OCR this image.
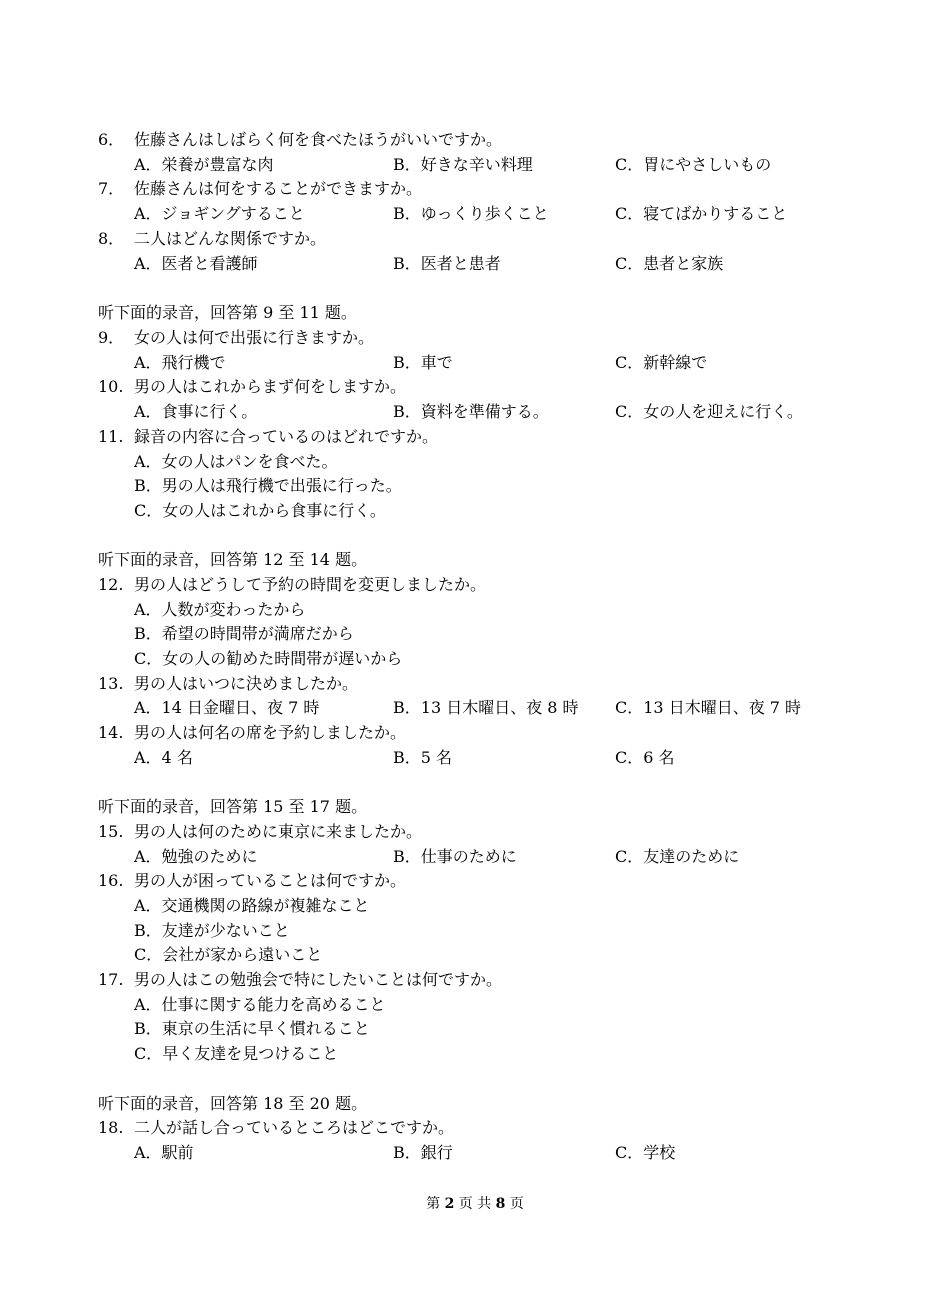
6． 佐藤さんはしばらく何を食べたほうがいいですか。
A．栄養が豊富な肉	B．好きな辛い料理	C．胃にやさしいもの
7． 佐藤さんは何をすることができますか。
A．ジョギングすること	B．ゆっくり歩くこと	C．寝てばかりすること
8． 二人はどんな関係ですか。
A．医者と看護師	B．医者と患者	C．患者と家族
听下面的录音，回答第 9 至 11 题。
9． 女の人は何で出張に行きますか。
A．飛行機で	B．車で	C．新幹線で
10. 男の人はこれからまず何をしますか。
A．食事に行く。	B．資料を準備する。	C．女の人を迎えに行く。
11. 録音の内容に合っているのはどれですか。
A．女の人はパンを食べた。
B．男の人は飛行機で出張に行った。
C．女の人はこれから食事に行く。
听下面的录音，回答第 12 至 14 题。
12. 男の人はどうして予約の時間を変更しましたか。
A．人数が変わったから
B．希望の時間帯が満席だから
C．女の人の勧めた時間帯が遅いから
13. 男の人はいつに決めましたか。
A．14 日金曜日、夜 7 時	B．13 日木曜日、夜 8 時 C．13 日木曜日、夜 7 時
14. 男の人は何名の席を予約しましたか。
A．4 名	B．5 名	C．6 名
听下面的录音，回答第 15 至 17 题。
15. 男の人は何のために東京に来ましたか。
A．勉強のために	B．仕事のために	C．友達のために
16. 男の人が困っていることは何ですか。
A．交通機関の路線が複雑なこと
B．友達が少ないこと
C．会社が家から遠いこと
17. 男の人はこの勉強会で特にしたいことは何ですか。
A．仕事に関する能力を高めること
B．東京の生活に早く慣れること
C．早く友達を見つけること
听下面的录音，回答第 18 至 20 题。
18. 二人が話し合っているところはどこですか。
A．駅前	B．銀行	C．学校
第 2 页 共 8 页
